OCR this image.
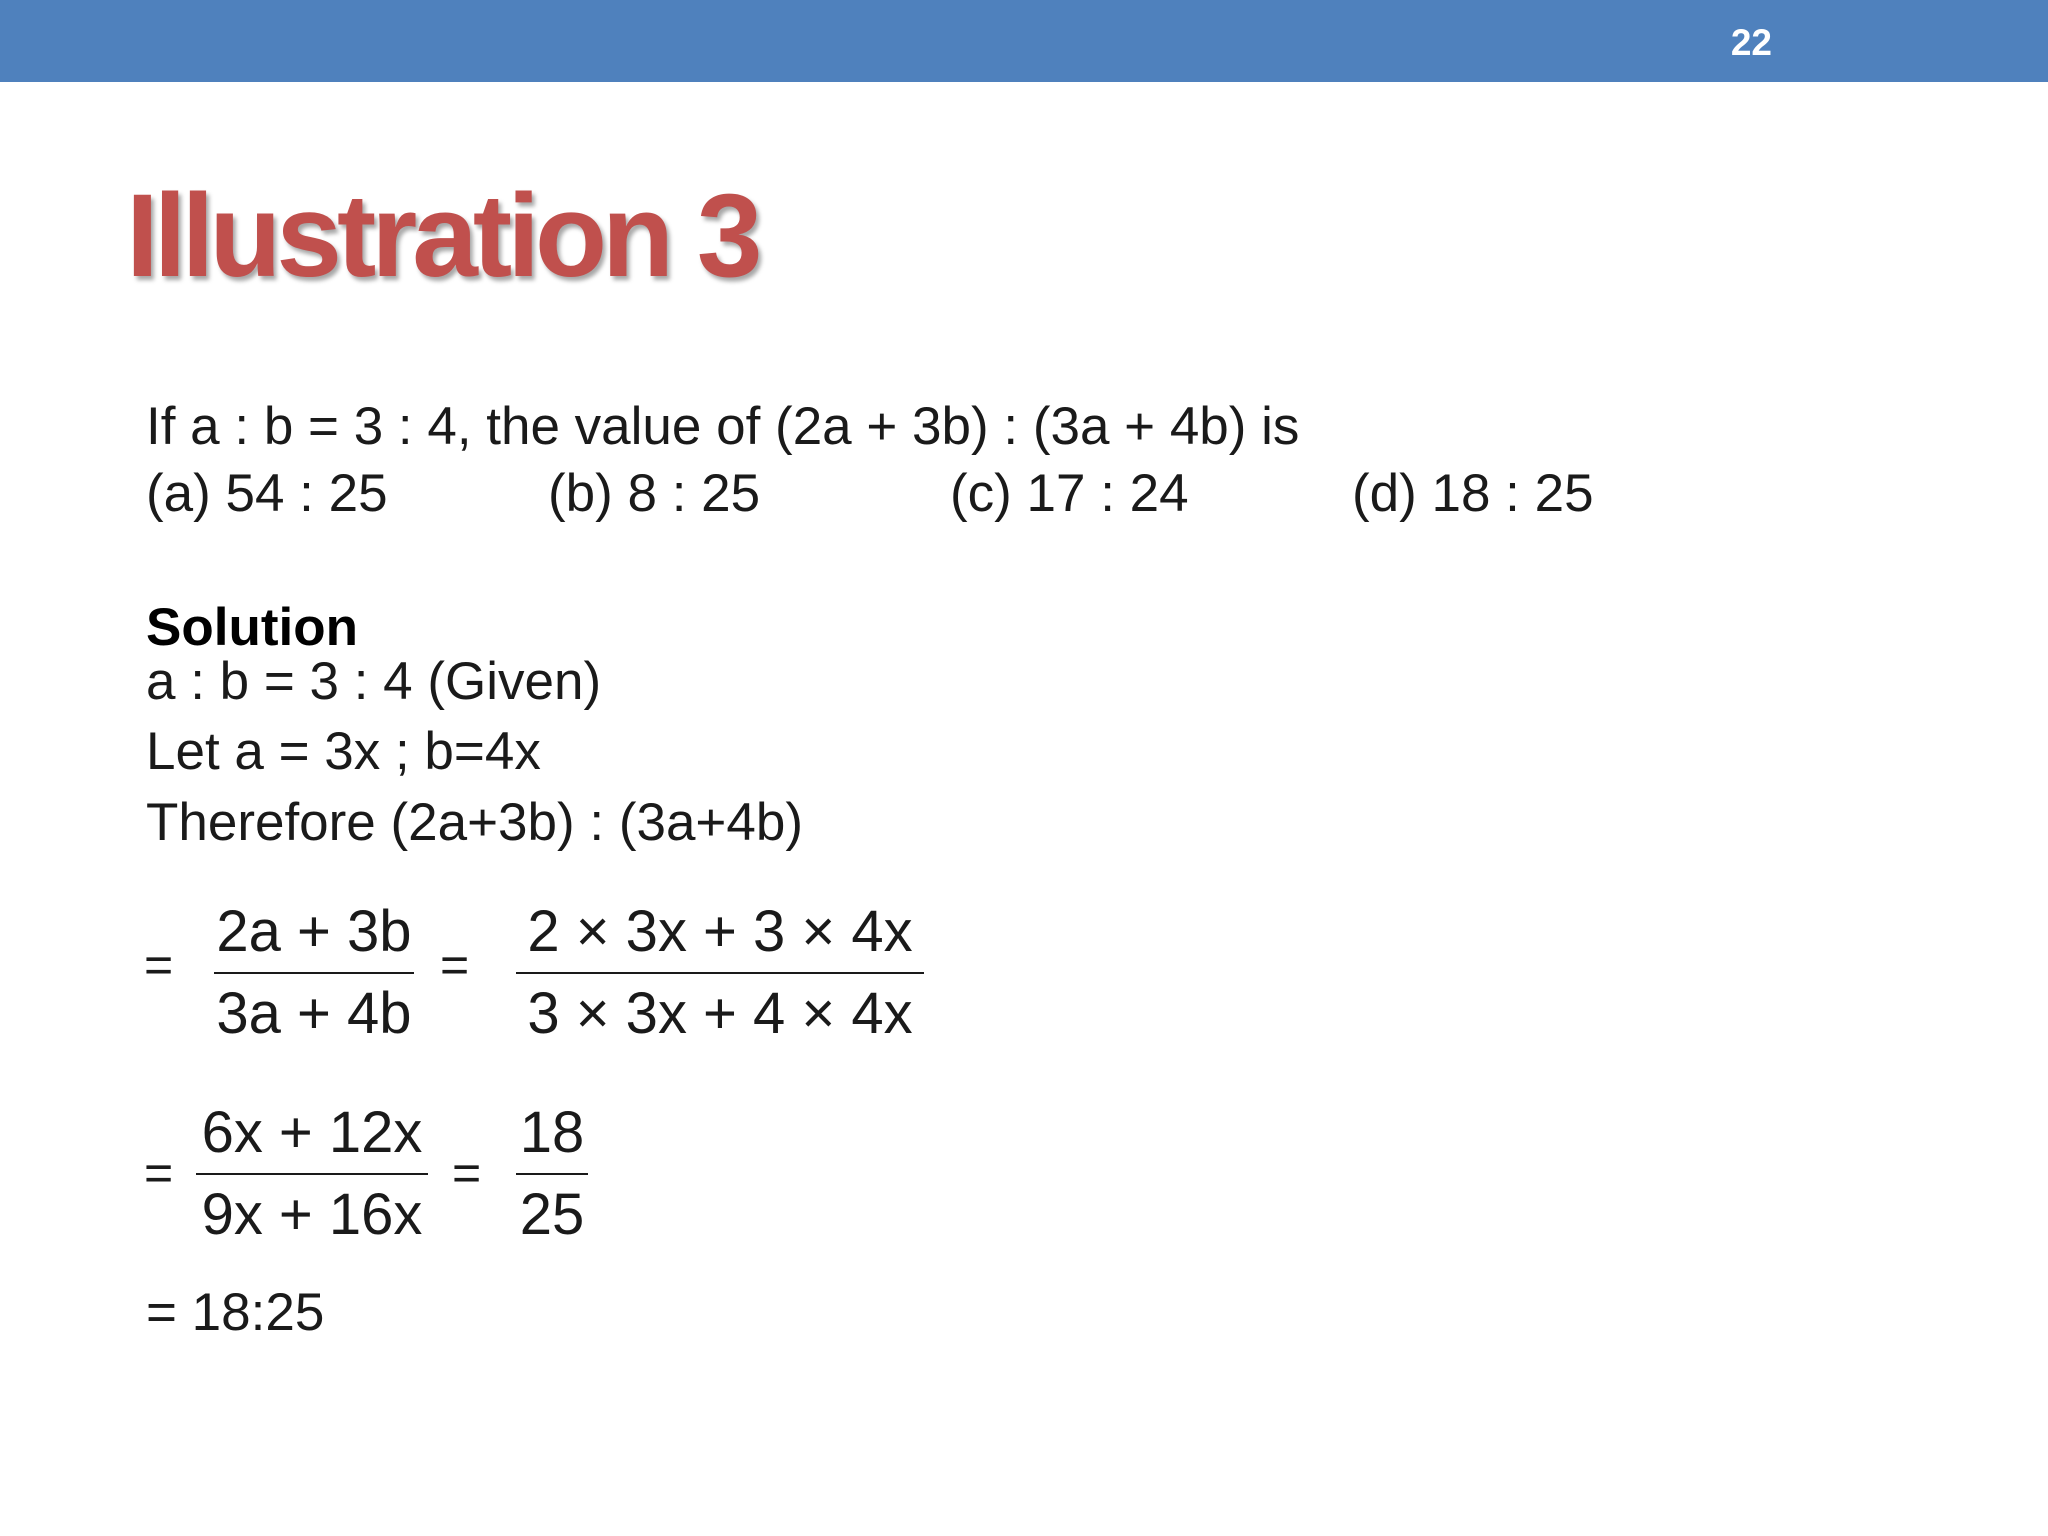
22
Illustration 3
If a : b = 3 : 4, the value of (2a + 3b) : (3a + 4b) is
(a) 54 : 25	(b) 8 : 25	(c) 17 : 24	(d) 18 : 25
Solution
a : b = 3 : 4 (Given)
Let a = 3x ; b=4x
Therefore (2a+3b) : (3a+4b)
=
2a + 3b
3a + 4b
=
2 × 3x + 3 × 4x
3 × 3x + 4 × 4x
=
6x + 12x
9x + 16x
=
18
25
= 18:25
